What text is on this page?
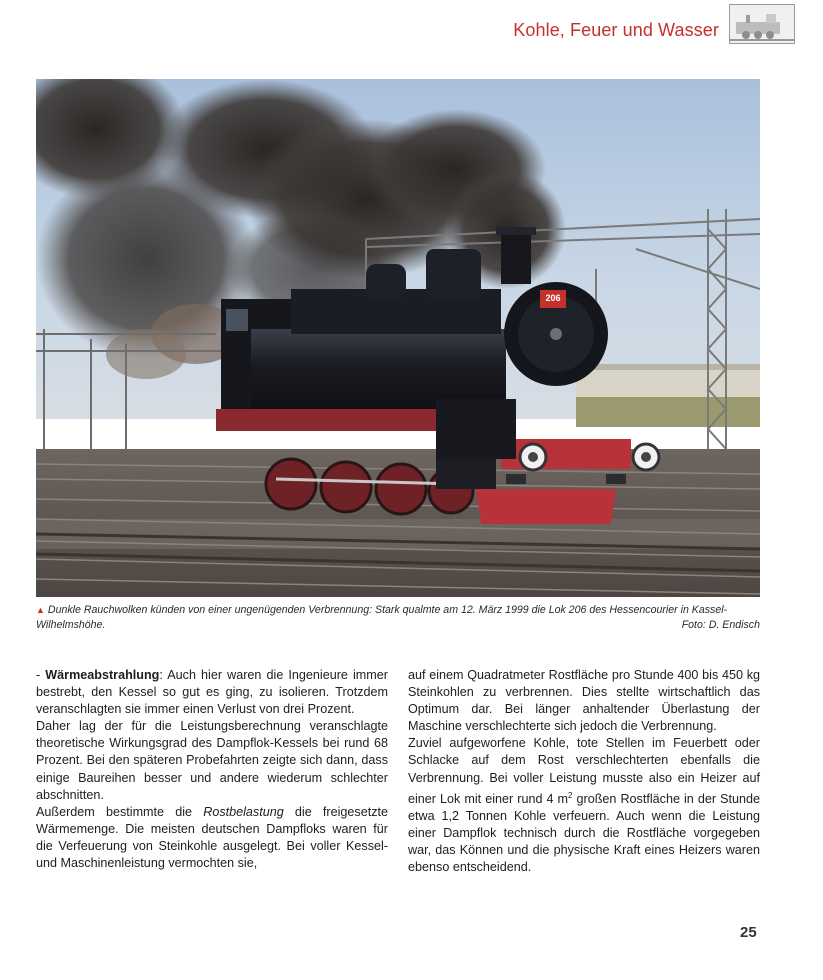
Kohle, Feuer und Wasser
206
▲ Dunkle Rauchwolken künden von einer ungenügenden Verbrennung: Stark qualmte am 12. März 1999 die Lok 206 des Hessencourier in Kassel-Wilhelmshöhe.	Foto: D. Endisch

- Wärmeabstrahlung: Auch hier waren die Ingenieure immer bestrebt, den Kessel so gut es ging, zu isolieren. Trotzdem veranschlagten sie immer einen Verlust von drei Prozent.

Daher lag der für die Leistungsberechnung veranschlagte theoretische Wirkungsgrad des Dampflok-Kessels bei rund 68 Prozent. Bei den späteren Probefahrten zeigte sich dann, dass einige Baureihen besser und andere wiederum schlechter abschnitten.

Außerdem bestimmte die Rostbelastung die freigesetzte Wärmemenge. Die meisten deutschen Dampfloks waren für die Verfeuerung von Steinkohle ausgelegt. Bei voller Kessel- und Maschinenleistung vermochten sie,

auf einem Quadratmeter Rostfläche pro Stunde 400 bis 450 kg Steinkohlen zu verbrennen. Dies stellte wirtschaftlich das Optimum dar. Bei länger anhaltender Überlastung der Maschine verschlechterte sich jedoch die Verbrennung.

Zuviel aufgeworfene Kohle, tote Stellen im Feuerbett oder Schlacke auf dem Rost verschlechterten ebenfalls die Verbrennung. Bei voller Leistung musste also ein Heizer auf einer Lok mit einer rund 4 $m^2$ großen Rostfläche in der Stunde etwa 1,2 Tonnen Kohle verfeuern. Auch wenn die Leistung einer Dampflok technisch durch die Rostfläche vorgegeben war, das Können und die physische Kraft eines Heizers waren ebenso entscheidend.

25
